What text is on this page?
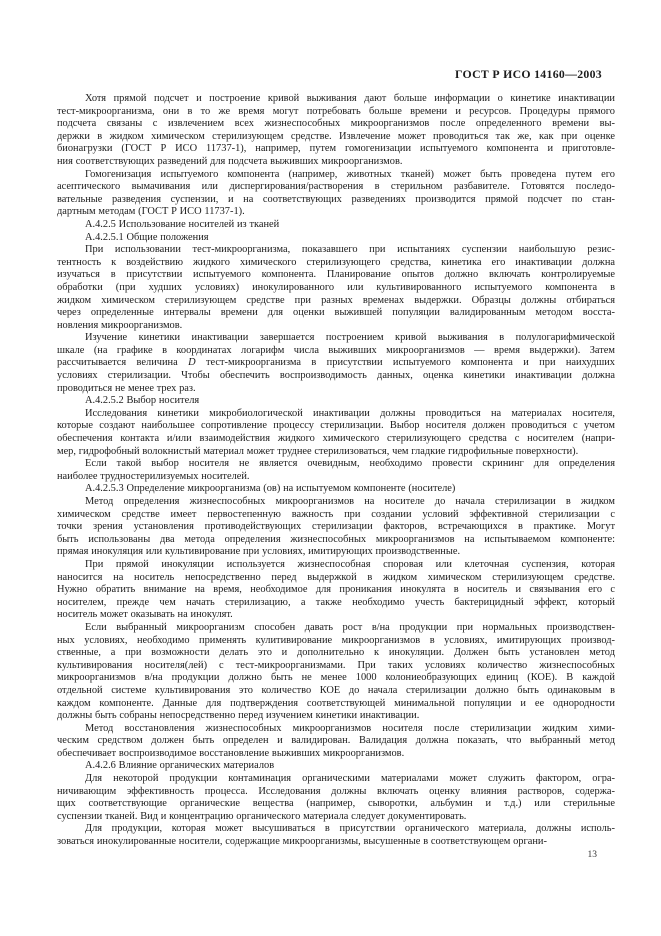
ГОСТ Р ИСО 14160—2003
Хотя прямой подсчет и построение кривой выживания дают больше информации о кинетике инактивации
тест-микроорганизма, они в то же время могут потребовать больше времени и ресурсов. Процедуры прямого
подсчета связаны с извлечением всех жизнеспособных микроорганизмов после определенного времени вы-
держки в жидком химическом стерилизующем средстве. Извлечение может проводиться так же, как при оценке
бионагрузки (ГОСТ Р ИСО 11737-1), например, путем гомогенизации испытуемого компонента и приготовле-
ния соответствующих разведений для подсчета выживших микроорганизмов.
Гомогенизация испытуемого компонента (например, животных тканей) может быть проведена путем его
асептического вымачивания или диспергирования/растворения в стерильном разбавителе. Готовятся последо-
вательные разведения суспензии, и на соответствующих разведениях производится прямой подсчет по стан-
дартным методам (ГОСТ Р ИСО 11737-1).
А.4.2.5 Использование носителей из тканей
А.4.2.5.1 Общие положения
При использовании тест-микроорганизма, показавшего при испытаниях суспензии наибольшую резис-
тентность к воздействию жидкого химического стерилизующего средства, кинетика его инактивации должна
изучаться в присутствии испытуемого компонента. Планирование опытов должно включать контролируемые
обработки (при худших условиях) инокулированного или культивированного испытуемого компонента в
жидком химическом стерилизующем средстве при разных временах выдержки. Образцы должны отбираться
через определенные интервалы времени для оценки выжившей популяции валидированным методом восста-
новления микроорганизмов.
Изучение кинетики инактивации завершается построением кривой выживания в полулогарифмической
шкале (на графике в координатах логарифм числа выживших микроорганизмов — время выдержки). Затем
рассчитывается величина D тест-микроорганизма в присутствии испытуемого компонента и при наихудших
условиях стерилизации. Чтобы обеспечить воспроизводимость данных, оценка кинетики инактивации должна
проводиться не менее трех раз.
А.4.2.5.2 Выбор носителя
Исследования кинетики микробиологической инактивации должны проводиться на материалах носителя,
которые создают наибольшее сопротивление процессу стерилизации. Выбор носителя должен проводиться с учетом
обеспечения контакта и/или взаимодействия жидкого химического стерилизующего средства с носителем (напри-
мер, гидрофобный волокнистый материал может труднее стерилизоваться, чем гладкие гидрофильные поверхности).
Если такой выбор носителя не является очевидным, необходимо провести скрининг для определения
наиболее трудностерилизуемых носителей.
А.4.2.5.3 Определение микроорганизма (ов) на испытуемом компоненте (носителе)
Метод определения жизнеспособных микроорганизмов на носителе до начала стерилизации в жидком
химическом средстве имеет первостепенную важность при создании условий эффективной стерилизации с
точки зрения установления противодействующих стерилизации факторов, встречающихся в практике. Могут
быть использованы два метода определения жизнеспособных микроорганизмов на испытываемом компоненте:
прямая инокуляция или культивирование при условиях, имитирующих производственные.
При прямой инокуляции используется жизнеспособная споровая или клеточная суспензия, которая
наносится на носитель непосредственно перед выдержкой в жидком химическом стерилизующем средстве.
Нужно обратить внимание на время, необходимое для проникания инокулята в носитель и связывания его с
носителем, прежде чем начать стерилизацию, а также необходимо учесть бактерицидный эффект, который
носитель может оказывать на инокулят.
Если выбранный микроорганизм способен давать рост в/на продукции при нормальных производствен-
ных условиях, необходимо применять кулитивирование микроорганизмов в условиях, имитирующих производ-
ственные, а при возможности делать это и дополнительно к инокуляции. Должен быть установлен метод
культивирования носителя(лей) с тест-микроорганизмами. При таких условиях количество жизнеспособных
микроорганизмов в/на продукции должно быть не менее 1000 колониеобразующих единиц (КОЕ). В каждой
отдельной системе культивирования это количество КОЕ до начала стерилизации должно быть одинаковым в
каждом компоненте. Данные для подтверждения соответствующей минимальной популяции и ее однородности
должны быть собраны непосредственно перед изучением кинетики инактивации.
Метод восстановления жизнеспособных микроорганизмов носителя после стерилизации жидким хими-
ческим средством должен быть определен и валидирован. Валидация должна показать, что выбранный метод
обеспечивает воспроизводимое восстановление выживших микроорганизмов.
А.4.2.6 Влияние органических материалов
Для некоторой продукции контаминация органическими материалами может служить фактором, огра-
ничивающим эффективность процесса. Исследования должны включать оценку влияния растворов, содержа-
щих соответствующие органические вещества (например, сыворотки, альбумин и т.д.) или стерильные
суспензии тканей. Вид и концентрацию органического материала следует документировать.
Для продукции, которая может высушиваться в присутствии органического материала, должны исполь-
зоваться инокулированные носители, содержащие микроорганизмы, высушенные в соответствующем органи-
13
